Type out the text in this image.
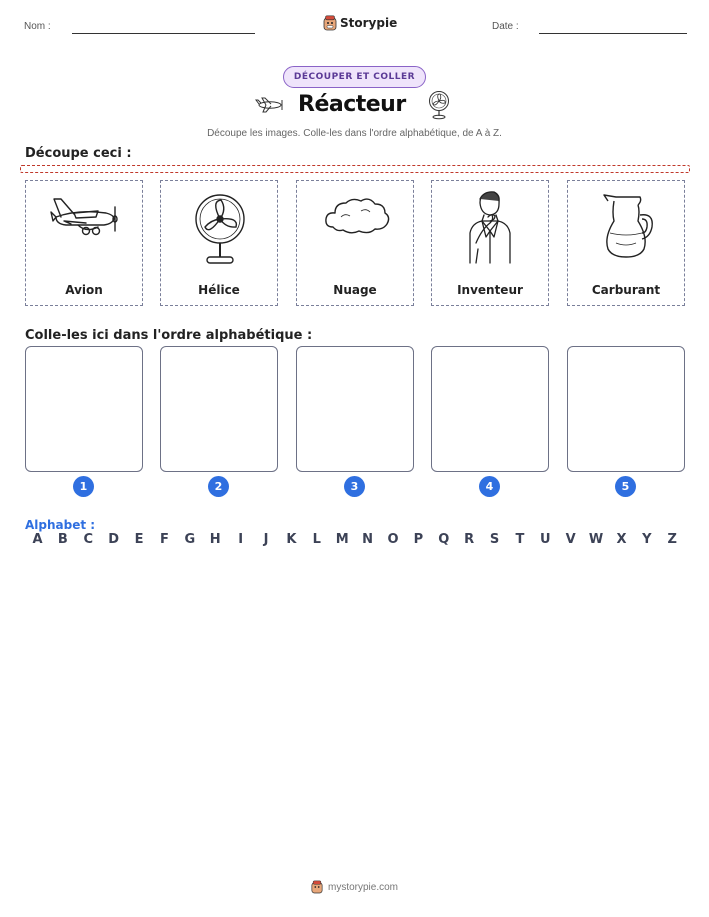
Nom :	Date :
Storypie
DÉCOUPER ET COLLER
Réacteur
Découpe les images. Colle-les dans l'ordre alphabétique, de A à Z.
Découpe ceci :
Avion	Hélice	Nuage	Inventeur	Carburant
Colle-les ici dans l'ordre alphabétique :
1	2	3	4	5
Alphabet :
A	B	C	D	E	F	G	H	I	J	K	L	M	N	O	P	Q	R	S	T	U	V	W	X	Y	Z
mystorypie.com
